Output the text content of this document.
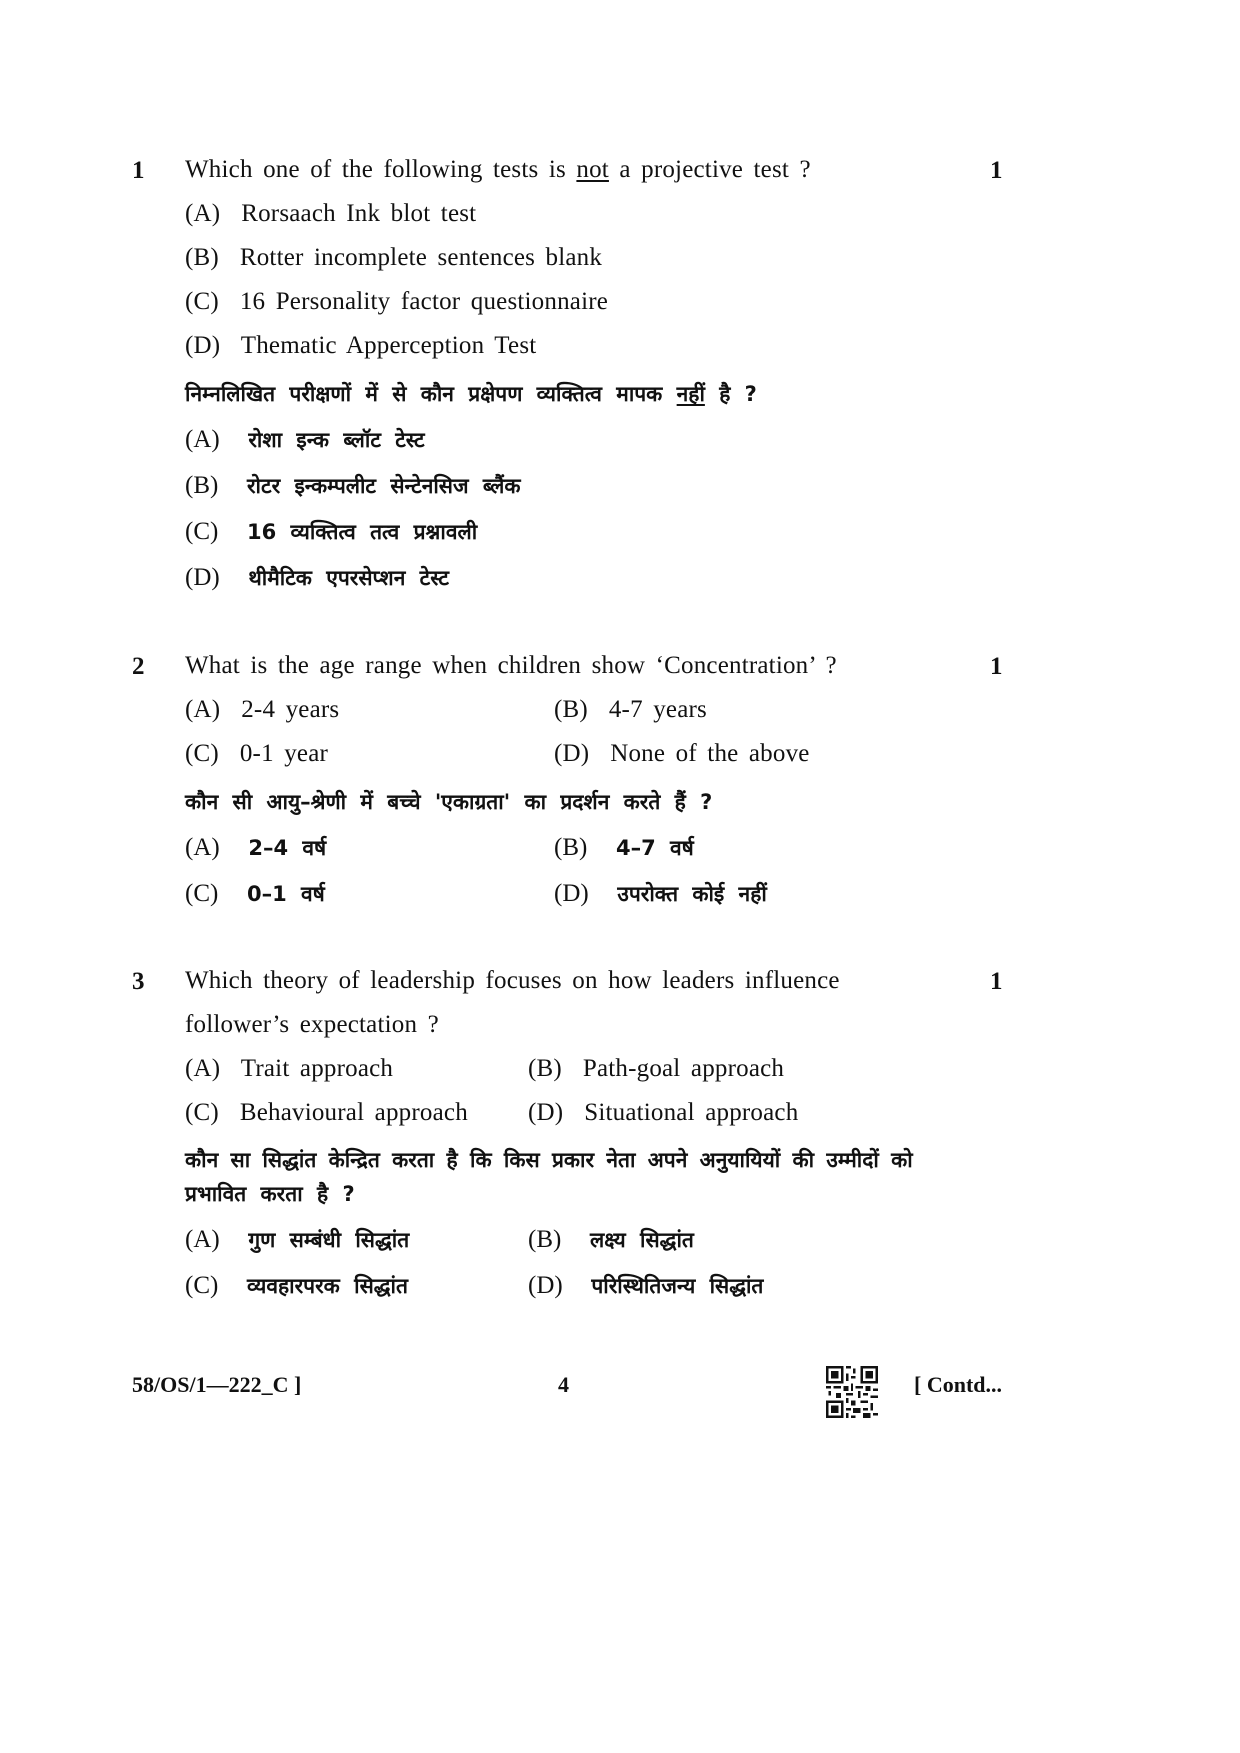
1	1
Which one of the following tests is not a projective test ?
(A) Rorsaach Ink blot test
(B) Rotter incomplete sentences blank
(C) 16 Personality factor questionnaire
(D) Thematic Apperception Test
निम्नलिखित परीक्षणों में से कौन प्रक्षेपण व्यक्तित्व मापक नहीं है ?
(A) रोशा इन्क ब्लॉट टेस्ट
(B) रोटर इन्कम्पलीट सेन्टेनसिज ब्लैंक
(C) 16 व्यक्तित्व तत्व प्रश्नावली
(D) थीमैटिक एपरसेप्शन टेस्ट
2	1
What is the age range when children show ‘Concentration’ ?
(A) 2-4 years	(B) 4-7 years
(C) 0-1 year	(D) None of the above
कौन सी आयु–श्रेणी में बच्चे 'एकाग्रता' का प्रदर्शन करते हैं ?
(A) 2–4 वर्ष	(B) 4–7 वर्ष
(C) 0–1 वर्ष	(D) उपरोक्त कोई नहीं
3	1
Which theory of leadership focuses on how leaders influence
follower’s expectation ?
(A) Trait approach	(B) Path-goal approach
(C) Behavioural approach (D) Situational approach
कौन सा सिद्धांत केन्द्रित करता है कि किस प्रकार नेता अपने अनुयायियों की उम्मीदों को
प्रभावित करता है ?
(A) गुण सम्बंधी सिद्धांत	(B) लक्ष्य सिद्धांत
(C) व्यवहारपरक सिद्धांत	(D) परिस्थितिजन्य सिद्धांत
58/OS/1—222_C ]	4	[ Contd...
